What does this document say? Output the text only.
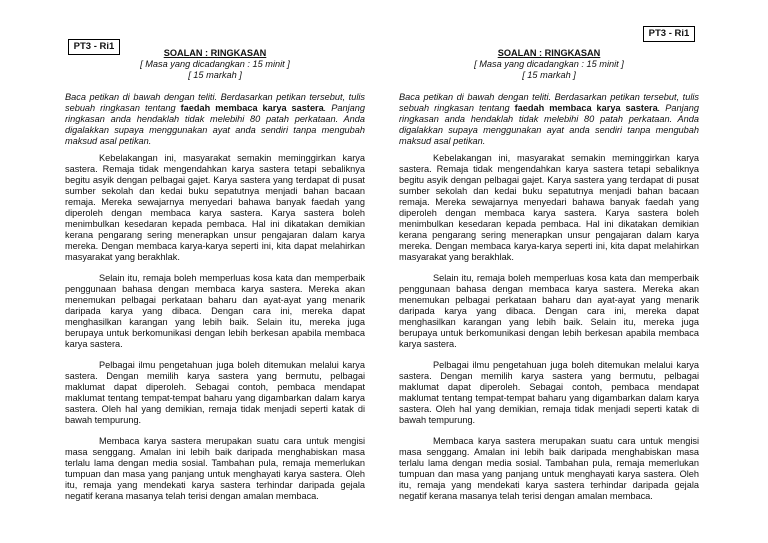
PT3 - Ri1
SOALAN : RINGKASAN
[ Masa yang dicadangkan : 15 minit ]
[ 15 markah ]
Baca petikan di bawah dengan teliti. Berdasarkan petikan tersebut, tulis sebuah ringkasan tentang faedah membaca karya sastera. Panjang ringkasan anda hendaklah tidak melebihi 80 patah perkataan. Anda digalakkan supaya menggunakan ayat anda sendiri tanpa mengubah maksud asal petikan.

Kebelakangan ini, masyarakat semakin meminggirkan karya sastera. Remaja tidak mengendahkan karya sastera tetapi sebaliknya begitu asyik dengan pelbagai gajet. Karya sastera yang terdapat di pusat sumber sekolah dan kedai buku sepatutnya menjadi bahan bacaan remaja. Mereka sewajarnya menyedari bahawa banyak faedah yang diperoleh dengan membaca karya sastera. Karya sastera boleh menimbulkan kesedaran kepada pembaca. Hal ini dikatakan demikian kerana pengarang sering menerapkan unsur pengajaran dalam karya mereka. Dengan membaca karya-karya seperti ini, kita dapat melahirkan masyarakat yang berakhlak.

Selain itu, remaja boleh memperluas kosa kata dan memperbaik penggunaan bahasa dengan membaca karya sastera. Mereka akan menemukan pelbagai perkataan baharu dan ayat-ayat yang menarik daripada karya yang dibaca. Dengan cara ini, mereka dapat menghasilkan karangan yang lebih baik. Selain itu, mereka juga berupaya untuk berkomunikasi dengan lebih berkesan apabila membaca karya sastera.

Pelbagai ilmu pengetahuan juga boleh ditemukan melalui karya sastera. Dengan memilih karya sastera yang bermutu, pelbagai maklumat dapat diperoleh. Sebagai contoh, pembaca mendapat maklumat tentang tempat-tempat baharu yang digambarkan dalam karya sastera. Oleh hal yang demikian, remaja tidak menjadi seperti katak di bawah tempurung.

Membaca karya sastera merupakan suatu cara untuk mengisi masa senggang. Amalan ini lebih baik daripada menghabiskan masa terlalu lama dengan media sosial. Tambahan pula, remaja memerlukan tumpuan dan masa yang panjang untuk menghayati karya sastera. Oleh itu, remaja yang mendekati karya sastera terhindar daripada gejala negatif kerana masanya telah terisi dengan amalan membaca.

PT3 - Ri1
SOALAN : RINGKASAN
[ Masa yang dicadangkan : 15 minit ]
[ 15 markah ]
Baca petikan di bawah dengan teliti. Berdasarkan petikan tersebut, tulis sebuah ringkasan tentang faedah membaca karya sastera. Panjang ringkasan anda hendaklah tidak melebihi 80 patah perkataan. Anda digalakkan supaya menggunakan ayat anda sendiri tanpa mengubah maksud asal petikan.

Kebelakangan ini, masyarakat semakin meminggirkan karya sastera. Remaja tidak mengendahkan karya sastera tetapi sebaliknya begitu asyik dengan pelbagai gajet. Karya sastera yang terdapat di pusat sumber sekolah dan kedai buku sepatutnya menjadi bahan bacaan remaja. Mereka sewajarnya menyedari bahawa banyak faedah yang diperoleh dengan membaca karya sastera. Karya sastera boleh menimbulkan kesedaran kepada pembaca. Hal ini dikatakan demikian kerana pengarang sering menerapkan unsur pengajaran dalam karya mereka. Dengan membaca karya-karya seperti ini, kita dapat melahirkan masyarakat yang berakhlak.

Selain itu, remaja boleh memperluas kosa kata dan memperbaik penggunaan bahasa dengan membaca karya sastera. Mereka akan menemukan pelbagai perkataan baharu dan ayat-ayat yang menarik daripada karya yang dibaca. Dengan cara ini, mereka dapat menghasilkan karangan yang lebih baik. Selain itu, mereka juga berupaya untuk berkomunikasi dengan lebih berkesan apabila membaca karya sastera.

Pelbagai ilmu pengetahuan juga boleh ditemukan melalui karya sastera. Dengan memilih karya sastera yang bermutu, pelbagai maklumat dapat diperoleh. Sebagai contoh, pembaca mendapat maklumat tentang tempat-tempat baharu yang digambarkan dalam karya sastera. Oleh hal yang demikian, remaja tidak menjadi seperti katak di bawah tempurung.

Membaca karya sastera merupakan suatu cara untuk mengisi masa senggang. Amalan ini lebih baik daripada menghabiskan masa terlalu lama dengan media sosial. Tambahan pula, remaja memerlukan tumpuan dan masa yang panjang untuk menghayati karya sastera. Oleh itu, remaja yang mendekati karya sastera terhindar daripada gejala negatif kerana masanya telah terisi dengan amalan membaca.
